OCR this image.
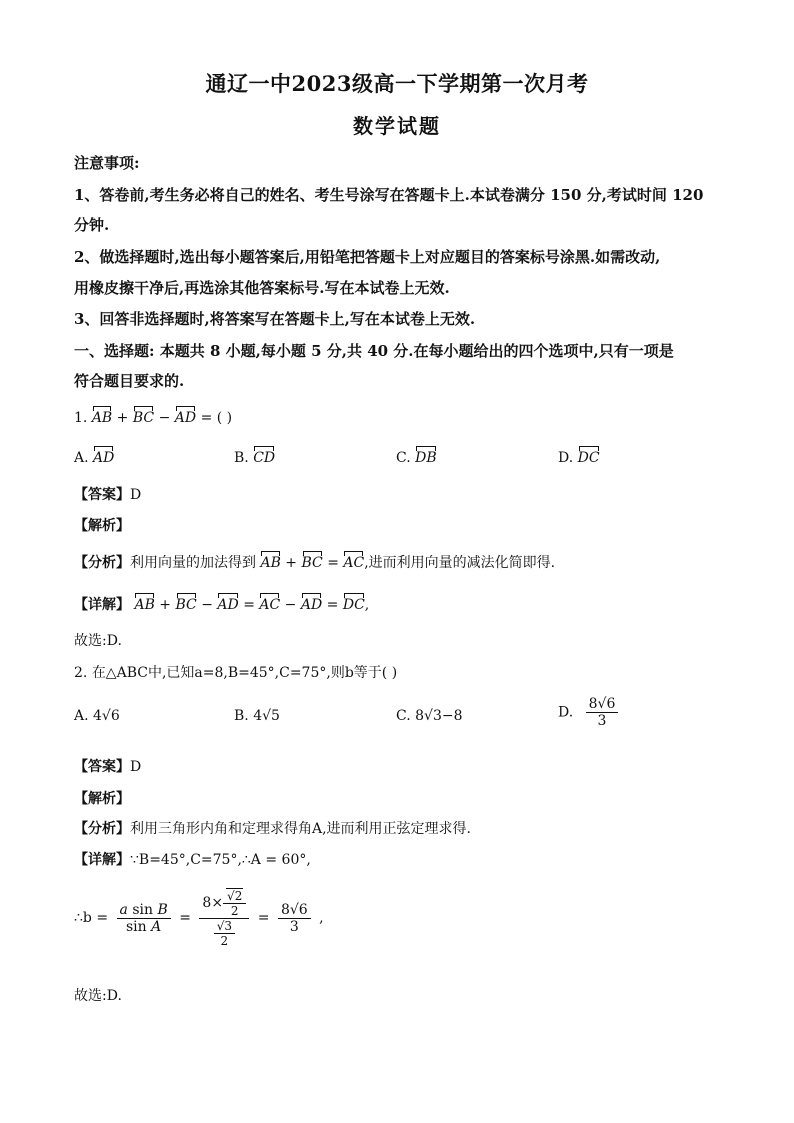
通辽一中2023级高一下学期第一次月考
数学试题
注意事项:
1、答卷前,考生务必将自己的姓名、考生号涂写在答题卡上.本试卷满分 150 分,考试时间 120
分钟.
2、做选择题时,选出每小题答案后,用铅笔把答题卡上对应题目的答案标号涂黑.如需改动,
用橡皮擦干净后,再选涂其他答案标号.写在本试卷上无效.
3、回答非选择题时,将答案写在答题卡上,写在本试卷上无效.
一、选择题: 本题共 8 小题,每小题 5 分,共 40 分.在每小题给出的四个选项中,只有一项是
符合题目要求的.
1. AB + BC − AD = ( )
A. AD	B. CD	C. DB	D. DC
【答案】D
【解析】
【分析】利用向量的加法得到 AB + BC = AC,进而利用向量的减法化简即得.
【详解】 AB + BC − AD = AC − AD = DC,
故选:D.
2. 在△ABC中,已知a=8,B=45°,C=75°,则b等于( )
A. 4√6	B. 4√5	C. 8√3−8	D. $\frac{8√6}{3}$
【答案】D
【解析】
【分析】利用三角形内角和定理求得角A,进而利用正弦定理求得.
【详解】∵B=45°,C=75°,∴A = 60°,
∴b = $\frac{\text{a sin B}}{\text{sin A}} = \frac{8\times \frac{√2}{2}}{\frac{√3}{2}} = \frac{8√6}{3}$ ,
故选:D.
